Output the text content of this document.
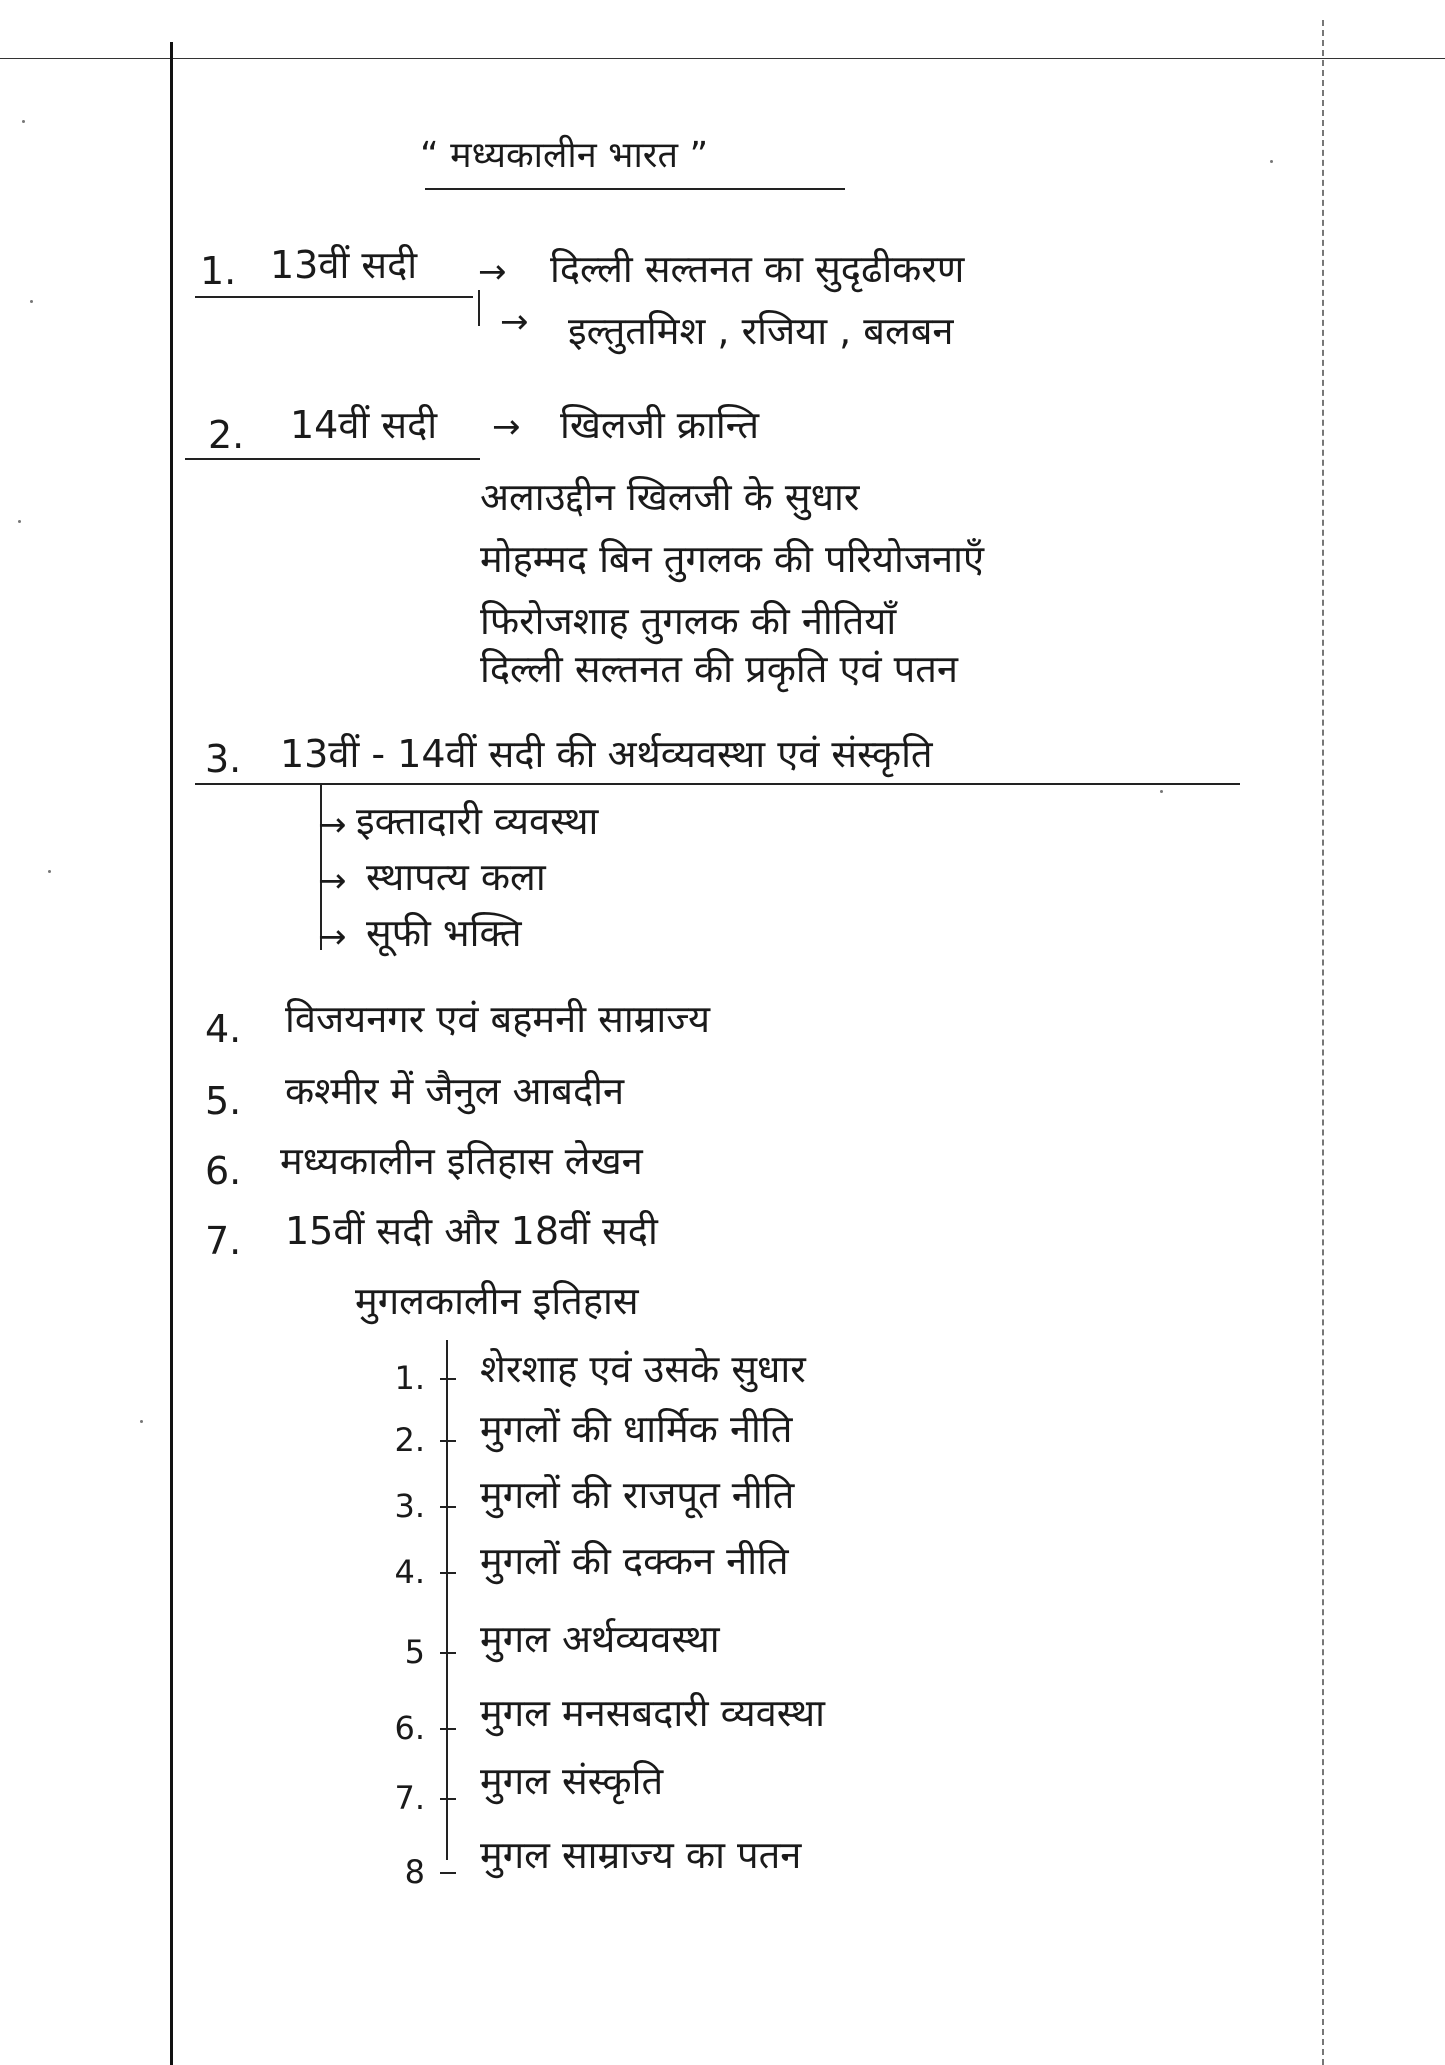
“ मध्यकालीन भारत ”
1. 13वीं सदी →
→
दिल्ली सल्तनत का सुदृढीकरण
इल्तुतमिश , रजिया , बलबन
2. 14वीं सदी → खिलजी क्रान्ति
अलाउद्दीन खिलजी के सुधार
मोहम्मद बिन तुगलक की परियोजनाएँ
फिरोजशाह तुगलक की नीतियाँ
दिल्ली सल्तनत की प्रकृति एवं पतन
3. 13वीं - 14वीं सदी की अर्थव्यवस्था एवं संस्कृति
→
→
→
इक्तादारी व्यवस्था
स्थापत्य कला
सूफी भक्ति
4. विजयनगर एवं बहमनी साम्राज्य
5. कश्मीर में जैनुल आबदीन
6. मध्यकालीन इतिहास लेखन
7. 15वीं सदी और 18वीं सदी
मुगलकालीन इतिहास
1. शेरशाह एवं उसके सुधार
2. मुगलों की धार्मिक नीति
3. मुगलों की राजपूत नीति
4. मुगलों की दक्कन नीति
5 मुगल अर्थव्यवस्था
6. मुगल मनसबदारी व्यवस्था
7. मुगल संस्कृति
8 मुगल साम्राज्य का पतन
